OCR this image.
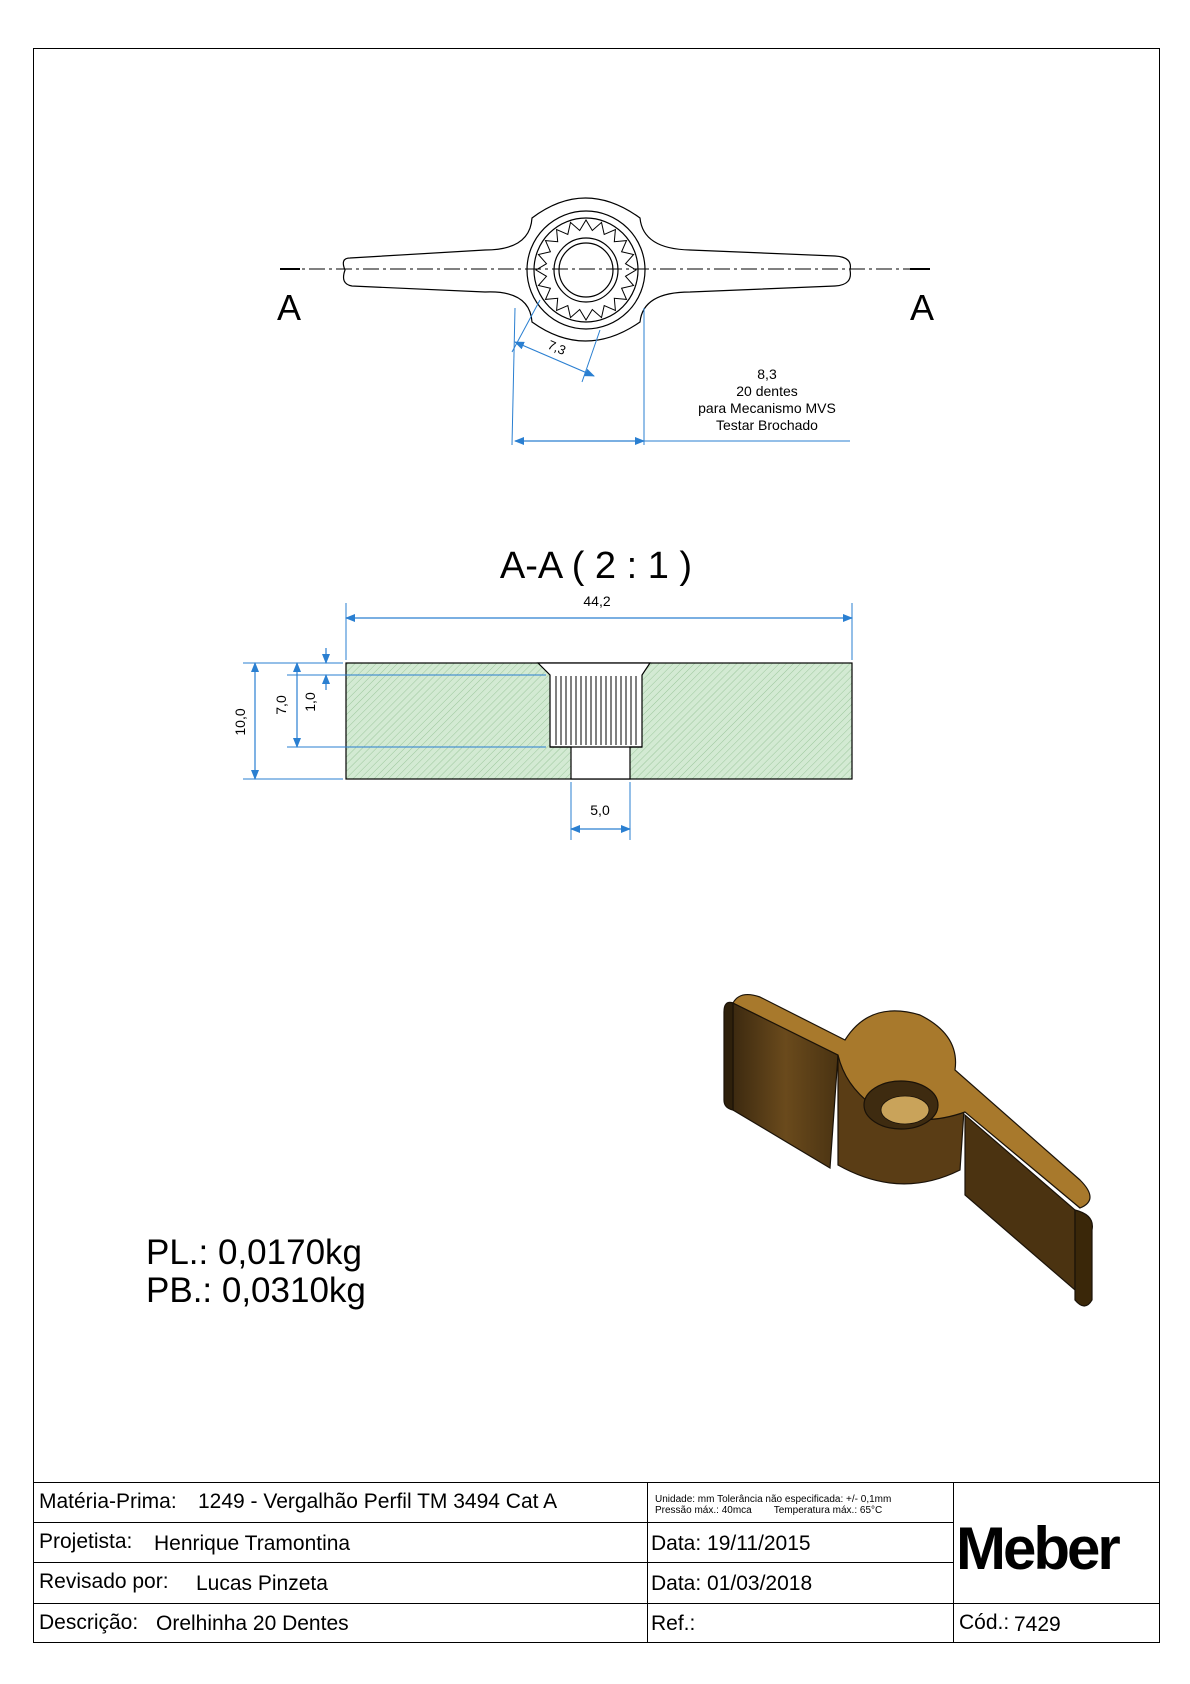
7,3
A	A
8,3
20 dentes
para Mecanismo MVS
Testar Brochado
A-A ( 2 : 1 )
44,2
10,0
7,0 1,0
5,0
PL.: 0,0170kg
PB.: 0,0310kg
Matéria-Prima: 1249 - Vergalhão Perfil TM 3494 Cat A
Projetista: Henrique Tramontina
Revisado por: Lucas Pinzeta
Descrição: Orelhinha 20 Dentes
Unidade: mm Tolerância não especificada: +/- 0,1mm
Pressão máx.: 40mca        Temperatura máx.: 65°C
Data: 19/11/2015
Data: 01/03/2018
Ref.:
Meber
Cód.: 7429
